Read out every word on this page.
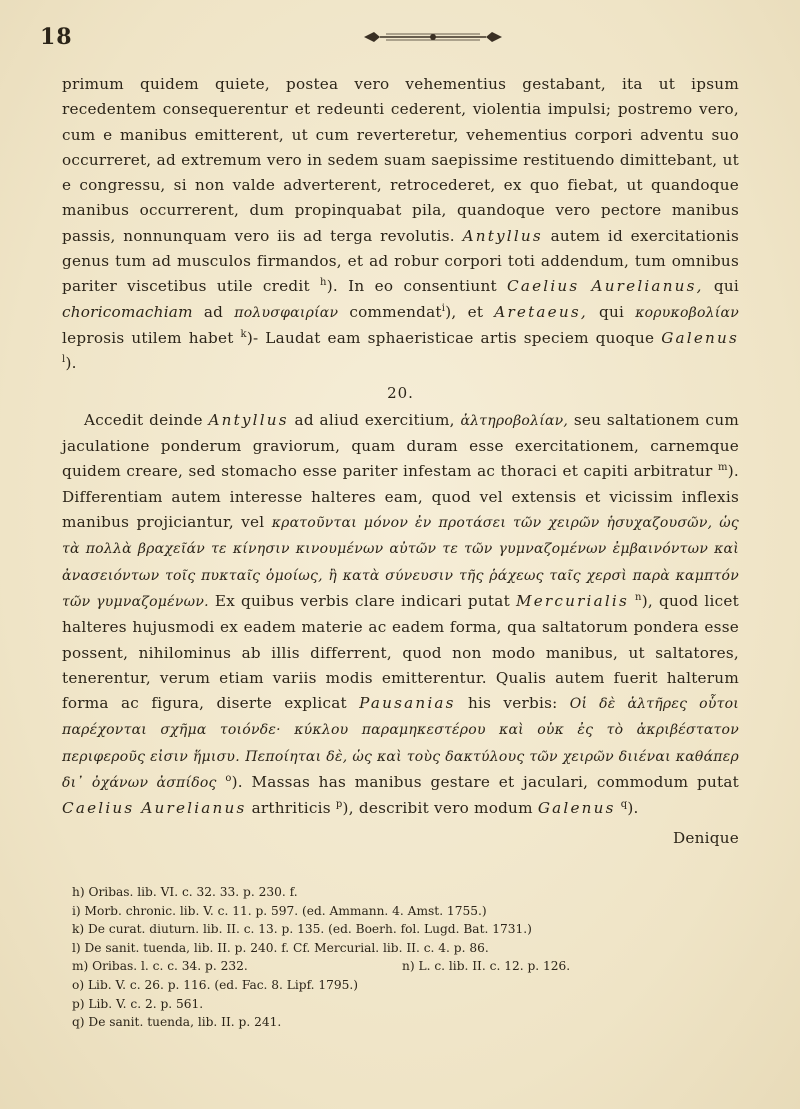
18

primum quidem quiete, postea vero vehementius gestabant, ita ut ipsum recedentem consequerentur et redeunti cederent, violentia impulsi; postremo vero, cum e manibus emitterent, ut cum reverteretur, vehementius corpori adventu suo occurreret, ad extremum vero in sedem suam saepissime restituendo dimittebant, ut e congressu, si non valde adverterent, retrocederet, ex quo fiebat, ut quandoque manibus occurrerent, dum propinquabat pila, quandoque vero pectore manibus passis, nonnunquam vero iis ad terga revolutis. Antyllus autem id exercitationis genus tum ad musculos firmandos, et ad robur corpori toti addendum, tum omnibus pariter viscetibus utile credit $^h$). In eo consentiunt Caelius Aurelianus, qui choricomachiam ad πολυσφαιρίαν commendat$^i$), et Aretaeus, qui κορυκοβολίαν leprosis utilem habet $^k$)- Laudat eam sphaeristicae artis speciem quoque Galenus $^l$).

20.

Accedit deinde Antyllus ad aliud exercitium, ἁλτηροβολίαν, seu saltationem cum jaculatione ponderum graviorum, quam duram esse exercitationem, carnemque quidem creare, sed stomacho esse pariter infestam ac thoraci et capiti arbitratur $^m$). Differentiam autem interesse halteres eam, quod vel extensis et vicissim inflexis manibus projiciantur, vel κρατοῦνται μόνον ἐν προτάσει τῶν χειρῶν ἡσυχαζουσῶν, ὡς τὰ πολλὰ βραχεῖάν τε κίνησιν κινουμένων αὐτῶν τε τῶν γυμναζομένων ἐμβαινόντων καὶ ἀνασειόντων τοῖς πυκταῖς ὁμοίως, ἢ κατὰ σύνευσιν τῆς ῥάχεως ταῖς χερσὶ παρὰ καμπτόν τῶν γυμναζομένων. Ex quibus verbis clare indicari putat Mercurialis $^n$), quod licet halteres hujusmodi ex eadem materie ac eadem forma, qua saltatorum pondera esse possent, nihilominus ab illis differrent, quod non modo manibus, ut saltatores, tenerentur, verum etiam variis modis emitterentur. Qualis autem fuerit halterum forma ac figura, diserte explicat Pausanias his verbis: Οἱ δὲ ἁλτῆρες οὗτοι παρέχονται σχῆμα τοιόνδε· κύκλου παραμηκεστέρου καὶ οὐκ ἐς τὸ ἀκριβέστατον περιφεροῦς εἰσιν ἥμισυ. Πεποίηται δὲ, ὡς καὶ τοὺς δακτύλους τῶν χειρῶν διιέναι καθάπερ δι᾽ ὀχάνων ἀσπίδος $^o$). Massas has manibus gestare et jaculari, commodum putat Caelius Aurelianus arthriticis $^p$), describit vero modum Galenus $^q$).

Denique
h) Oribas. lib. VI. c. 32. 33. p. 230. f.
i) Morb. chronic. lib. V. c. 11. p. 597. (ed. Ammann. 4. Amst. 1755.)
k) De curat. diuturn. lib. II. c. 13. p. 135. (ed. Boerh. fol. Lugd. Bat. 1731.)
l) De sanit. tuenda, lib. II. p. 240. f. Cf. Mercurial. lib. II. c. 4. p. 86.
m) Oribas. l. c. c. 34. p. 232.	n) L. c. lib. II. c. 12. p. 126.
o) Lib. V. c. 26. p. 116. (ed. Fac. 8. Lipf. 1795.)
p) Lib. V. c. 2. p. 561.
q) De sanit. tuenda, lib. II. p. 241.
